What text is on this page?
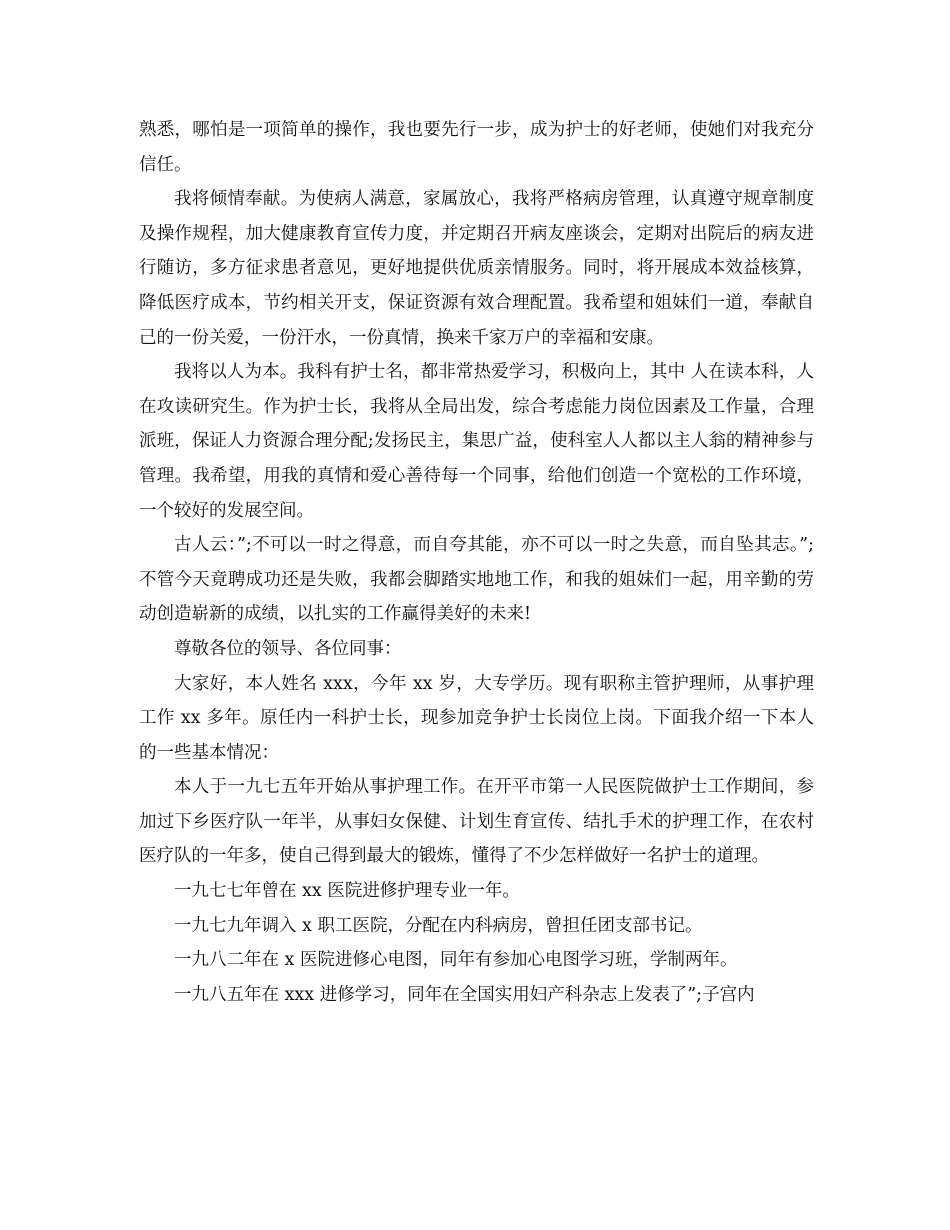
熟悉，哪怕是一项简单的操作，我也要先行一步，成为护士的好老师，使她们对我充分信任。

我将倾情奉献。为使病人满意，家属放心，我将严格病房管理，认真遵守规章制度及操作规程，加大健康教育宣传力度，并定期召开病友座谈会，定期对出院后的病友进行随访，多方征求患者意见，更好地提供优质亲情服务。同时，将开展成本效益核算，降低医疗成本，节约相关开支，保证资源有效合理配置。我希望和姐妹们一道，奉献自己的一份关爱，一份汗水，一份真情，换来千家万户的幸福和安康。

我将以人为本。我科有护士名，都非常热爱学习，积极向上，其中 人在读本科，人在攻读研究生。作为护士长，我将从全局出发，综合考虑能力岗位因素及工作量，合理派班，保证人力资源合理分配;发扬民主，集思广益，使科室人人都以主人翁的精神参与管理。我希望，用我的真情和爱心善待每一个同事，给他们创造一个宽松的工作环境，一个较好的发展空间。

古人云：”;不可以一时之得意，而自夸其能，亦不可以一时之失意，而自坠其志。”;不管今天竟聘成功还是失败，我都会脚踏实地地工作，和我的姐妹们一起，用辛勤的劳动创造崭新的成绩，以扎实的工作赢得美好的未来!

尊敬各位的领导、各位同事：

大家好，本人姓名 xxx，今年 xx 岁，大专学历。现有职称主管护理师，从事护理工作 xx 多年。原任内一科护士长，现参加竞争护士长岗位上岗。下面我介绍一下本人的一些基本情况：

本人于一九七五年开始从事护理工作。在开平市第一人民医院做护士工作期间，参加过下乡医疗队一年半，从事妇女保健、计划生育宣传、结扎手术的护理工作，在农村医疗队的一年多，使自己得到最大的锻炼，懂得了不少怎样做好一名护士的道理。

一九七七年曾在 xx 医院进修护理专业一年。

一九七九年调入 x 职工医院，分配在内科病房，曾担任团支部书记。

一九八二年在 x 医院进修心电图，同年有参加心电图学习班，学制两年。

一九八五年在 xxx 进修学习，同年在全国实用妇产科杂志上发表了”;子宫内
